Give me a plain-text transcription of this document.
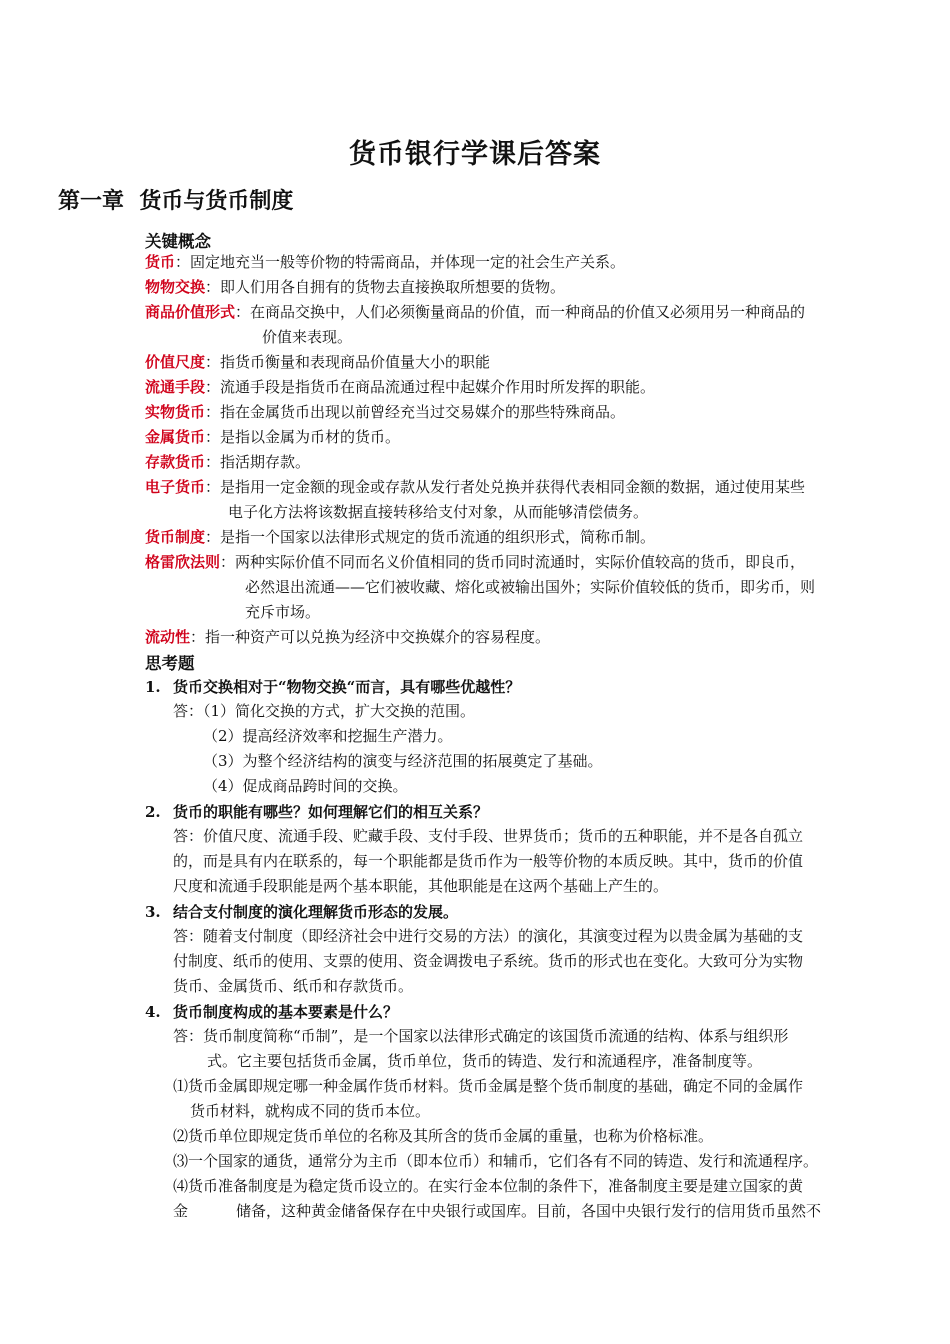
货币银行学课后答案
第一章  货币与货币制度
关键概念
货币：固定地充当一般等价物的特需商品，并体现一定的社会生产关系。
物物交换：即人们用各自拥有的货物去直接换取所想要的货物。
商品价值形式：在商品交换中，人们必须衡量商品的价值，而一种商品的价值又必须用另一种商品的
价值来表现。
价值尺度：指货币衡量和表现商品价值量大小的职能
流通手段：流通手段是指货币在商品流通过程中起媒介作用时所发挥的职能。
实物货币：指在金属货币出现以前曾经充当过交易媒介的那些特殊商品。
金属货币：是指以金属为币材的货币。
存款货币：指活期存款。
电子货币：是指用一定金额的现金或存款从发行者处兑换并获得代表相同金额的数据，通过使用某些
电子化方法将该数据直接转移给支付对象，从而能够清偿债务。
货币制度：是指一个国家以法律形式规定的货币流通的组织形式，简称币制。
格雷欣法则：两种实际价值不同而名义价值相同的货币同时流通时，实际价值较高的货币，即良币，
必然退出流通——它们被收藏、熔化或被输出国外；实际价值较低的货币，即劣币，则
充斥市场。
流动性：指一种资产可以兑换为经济中交换媒介的容易程度。
思考题
1. 货币交换相对于“物物交换“而言，具有哪些优越性？
答：（1）简化交换的方式，扩大交换的范围。
（2）提高经济效率和挖掘生产潜力。
（3）为整个经济结构的演变与经济范围的拓展奠定了基础。
（4）促成商品跨时间的交换。
2. 货币的职能有哪些？如何理解它们的相互关系？
答：价值尺度、流通手段、贮藏手段、支付手段、世界货币；货币的五种职能，并不是各自孤立
的，而是具有内在联系的，每一个职能都是货币作为一般等价物的本质反映。其中，货币的价值
尺度和流通手段职能是两个基本职能，其他职能是在这两个基础上产生的。
3. 结合支付制度的演化理解货币形态的发展。
答：随着支付制度（即经济社会中进行交易的方法）的演化，其演变过程为以贵金属为基础的支
付制度、纸币的使用、支票的使用、资金调拨电子系统。货币的形式也在变化。大致可分为实物
货币、金属货币、纸币和存款货币。
4. 货币制度构成的基本要素是什么？
答：货币制度简称“币制”，是一个国家以法律形式确定的该国货币流通的结构、体系与组织形
式。它主要包括货币金属，货币单位，货币的铸造、发行和流通程序，准备制度等。
⑴货币金属即规定哪一种金属作货币材料。货币金属是整个货币制度的基础，确定不同的金属作
货币材料，就构成不同的货币本位。
⑵货币单位即规定货币单位的名称及其所含的货币金属的重量，也称为价格标准。
⑶一个国家的通货，通常分为主币（即本位币）和辅币，它们各有不同的铸造、发行和流通程序。
⑷货币准备制度是为稳定货币设立的。在实行金本位制的条件下，准备制度主要是建立国家的黄
金	储备，这种黄金储备保存在中央银行或国库。目前，各国中央银行发行的信用货币虽然不
